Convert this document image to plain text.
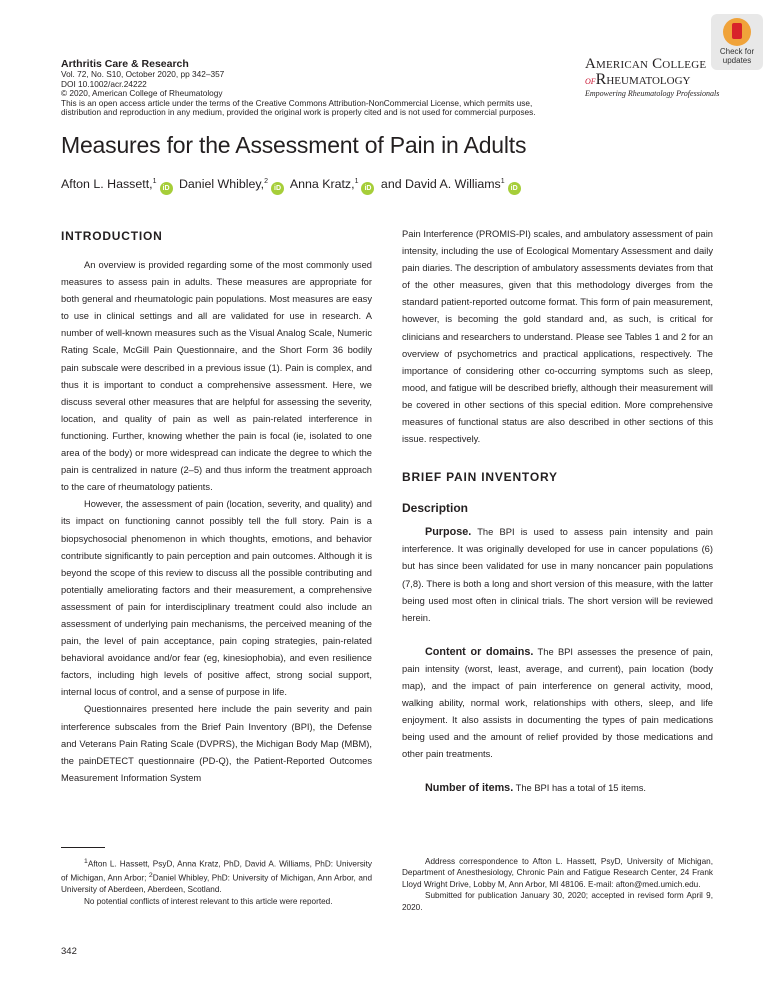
Arthritis Care & Research
Vol. 72, No. S10, October 2020, pp 342–357
DOI 10.1002/acr.24222
© 2020, American College of Rheumatology
This is an open access article under the terms of the Creative Commons Attribution-NonCommercial License, which permits use,
distribution and reproduction in any medium, provided the original work is properly cited and is not used for commercial purposes.
Check for
updates
American College
ofRheumatology
Empowering Rheumatology Professionals
Measures for the Assessment of Pain in Adults
Afton L. Hassett,$^1$iD Daniel Whibley,$^2$iD Anna Kratz,$^1$iD and David A. Williams$^1$iD
INTRODUCTION

An overview is provided regarding some of the most commonly used measures to assess pain in adults. These measures are appropriate for both general and rheumatologic pain populations. Most measures are easy to use in clinical settings and all are validated for use in research. A number of well-known measures such as the Visual Analog Scale, Numeric Rating Scale, McGill Pain Questionnaire, and the Short Form 36 bodily pain subscale were described in a previous issue (1). Pain is complex, and thus it is important to conduct a comprehensive assessment. Here, we discuss several other measures that are helpful for assessing the severity, location, and quality of pain as well as pain-related interference in functioning. Further, knowing whether the pain is focal (ie, isolated to one area of the body) or more widespread can indicate the degree to which the pain is centralized in nature (2–5) and thus inform the treatment approach to the care of rheumatology patients.

However, the assessment of pain (location, severity, and quality) and its impact on functioning cannot possibly tell the full story. Pain is a biopsychosocial phenomenon in which thoughts, emotions, and behavior contribute significantly to pain perception and pain outcomes. Although it is beyond the scope of this review to discuss all the possible contributing and potentially ameliorating factors and their measurement, a comprehensive assessment of pain for interdisciplinary treatment could also include an assessment of underlying pain mechanisms, the perceived meaning of the pain, the level of pain acceptance, pain coping strategies, pain-related behavioral avoidance and/or fear (eg, kinesiophobia), and even resilience factors, including high levels of positive affect, strong social support, internal locus of control, and a sense of purpose in life.

Questionnaires presented here include the pain severity and pain interference subscales from the Brief Pain Inventory (BPI), the Defense and Veterans Pain Rating Scale (DVPRS), the Michigan Body Map (MBM), the painDETECT questionnaire (PD-Q), the Patient-Reported Outcomes Measurement Information System

Pain Interference (PROMIS-PI) scales, and ambulatory assessment of pain intensity, including the use of Ecological Momentary Assessment and daily pain diaries. The description of ambulatory assessments deviates from that of the other measures, given that this methodology diverges from the standard patient-reported outcome format. This form of pain measurement, however, is becoming the gold standard and, as such, is critical for clinicians and researchers to understand. Please see Tables 1 and 2 for an overview of psychometrics and practical applications, respectively. The importance of considering other co-occurring symptoms such as sleep, mood, and fatigue will be described briefly, although their measurement will be covered in other sections of this special edition. More comprehensive measures of functional status are also described in other sections of this issue. respectively.

BRIEF PAIN INVENTORY
Description

Purpose. The BPI is used to assess pain intensity and pain interference. It was originally developed for use in cancer populations (6) but has since been validated for use in many noncancer pain populations (7,8). There is both a long and short version of this measure, with the latter being used most often in clinical trials. The short version will be reviewed herein.

Content or domains. The BPI assesses the presence of pain, pain intensity (worst, least, average, and current), pain location (body map), and the impact of pain interference on general activity, mood, walking ability, normal work, relationships with others, sleep, and life enjoyment. It also assists in documenting the types of pain medications being used and the amount of relief provided by those medications and other pain treatments.

Number of items. The BPI has a total of 15 items.

$^1$Afton L. Hassett, PsyD, Anna Kratz, PhD, David A. Williams, PhD: University of Michigan, Ann Arbor; $^2$Daniel Whibley, PhD: University of Michigan, Ann Arbor, and University of Aberdeen, Aberdeen, Scotland.

No potential conflicts of interest relevant to this article were reported.

Address correspondence to Afton L. Hassett, PsyD, University of Michigan, Department of Anesthesiology, Chronic Pain and Fatigue Research Center, 24 Frank Lloyd Wright Drive, Lobby M, Ann Arbor, MI 48106. E-mail: afton@med.umich.edu.

Submitted for publication January 30, 2020; accepted in revised form April 9, 2020.

342
